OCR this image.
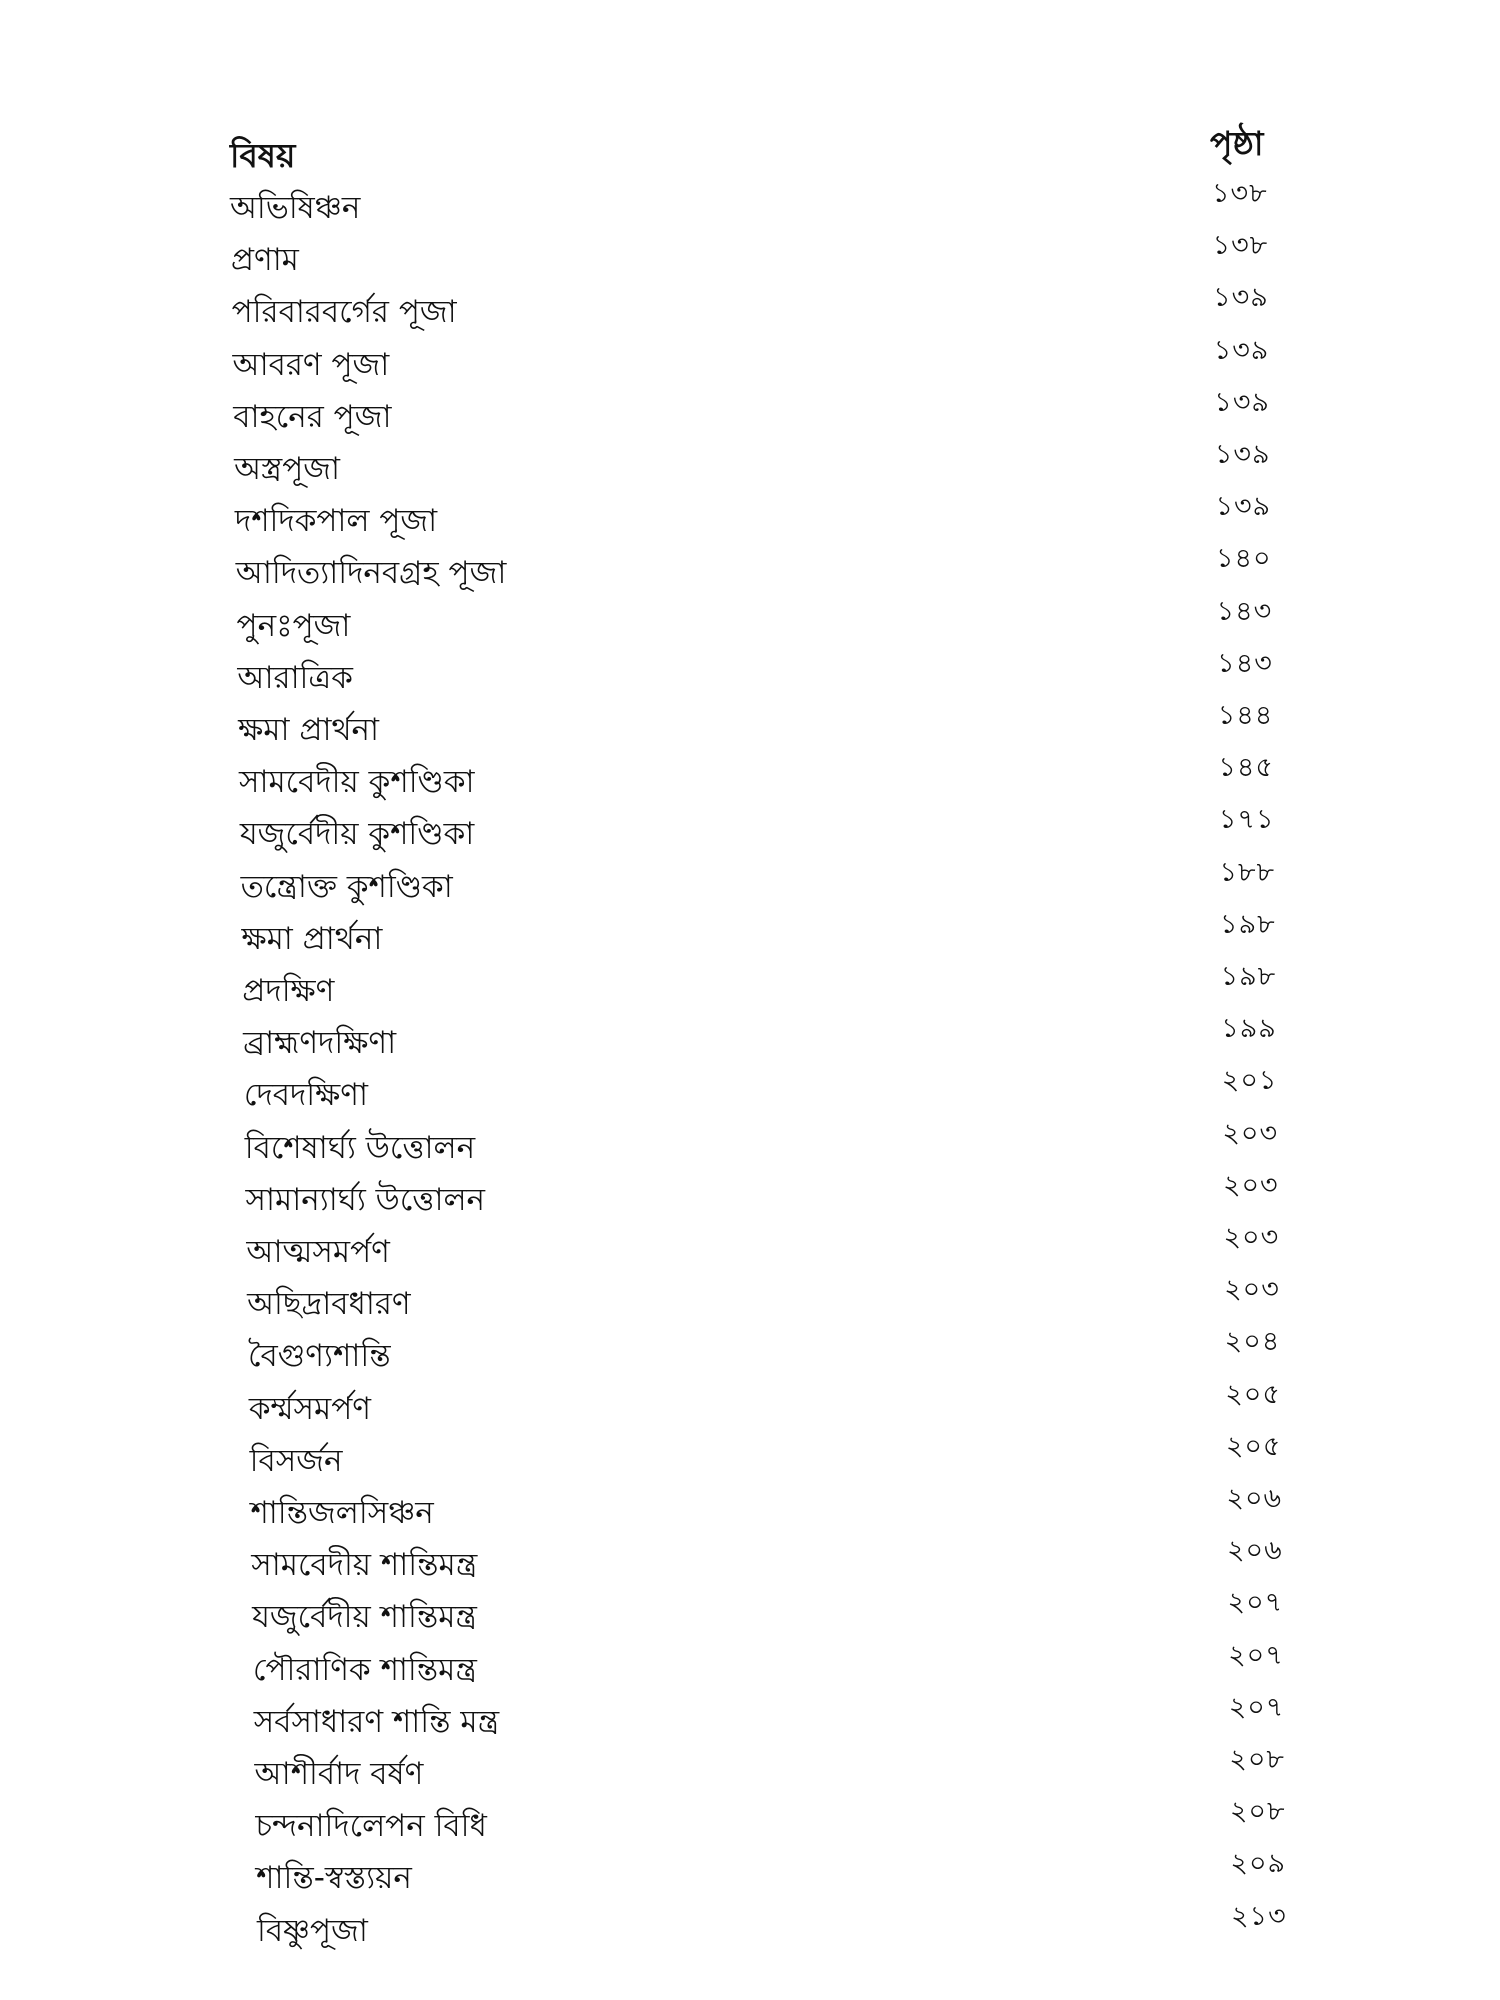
বিষয়	পৃষ্ঠা
অভিষিঞ্চন	১৩৮
প্রণাম	১৩৮
পরিবারবর্গের পূজা	১৩৯
আবরণ পূজা	১৩৯
বাহনের পূজা	১৩৯
অস্ত্রপূজা	১৩৯
দশদিকপাল পূজা	১৩৯
আদিত্যাদিনবগ্রহ পূজা	১৪০
পুনঃপূজা	১৪৩
আরাত্রিক	১৪৩
ক্ষমা প্রার্থনা	১৪৪
সামবেদীয় কুশণ্ডিকা	১৪৫
যজুর্বেদীয় কুশণ্ডিকা	১৭১
তন্ত্রোক্ত কুশণ্ডিকা	১৮৮
ক্ষমা প্রার্থনা	১৯৮
প্রদক্ষিণ	১৯৮
ব্রাহ্মণদক্ষিণা	১৯৯
দেবদক্ষিণা	২০১
বিশেষার্ঘ্য উত্তোলন	২০৩
সামান্যার্ঘ্য উত্তোলন	২০৩
আত্মসমর্পণ	২০৩
অছিদ্রাবধারণ	২০৩
বৈগুণ্যশান্তি	২০৪
কর্ম্মসমর্পণ	২০৫
বিসর্জন	২০৫
শান্তিজলসিঞ্চন	২০৬
সামবেদীয় শান্তিমন্ত্র	২০৬
যজুর্বেদীয় শান্তিমন্ত্র	২০৭
পৌরাণিক শান্তিমন্ত্র	২০৭
সর্বসাধারণ শান্তি মন্ত্র	২০৭
আশীর্বাদ বর্ষণ	২০৮
চন্দনাদিলেপন বিধি	২০৮
শান্তি-স্বস্ত্যয়ন	২০৯
বিষ্ণুপূজা	২১৩
